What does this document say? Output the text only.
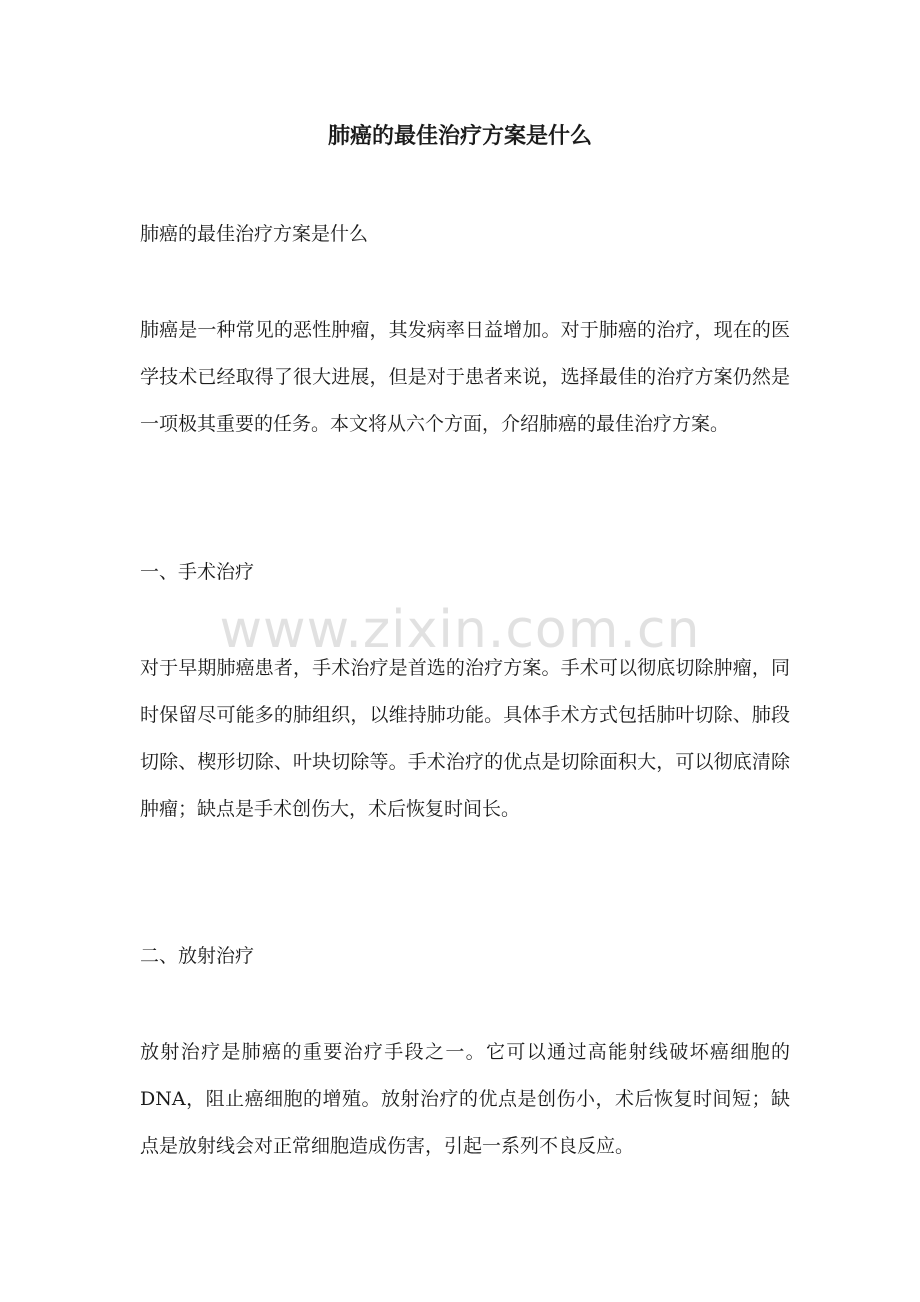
肺癌的最佳治疗方案是什么

肺癌的最佳治疗方案是什么

肺癌是一种常见的恶性肿瘤，其发病率日益增加。对于肺癌的治疗，现在的医学技术已经取得了很大进展，但是对于患者来说，选择最佳的治疗方案仍然是一项极其重要的任务。本文将从六个方面，介绍肺癌的最佳治疗方案。

一、手术治疗

对于早期肺癌患者，手术治疗是首选的治疗方案。手术可以彻底切除肿瘤，同时保留尽可能多的肺组织，以维持肺功能。具体手术方式包括肺叶切除、肺段切除、楔形切除、叶块切除等。手术治疗的优点是切除面积大，可以彻底清除肿瘤；缺点是手术创伤大，术后恢复时间长。

二、放射治疗

放射治疗是肺癌的重要治疗手段之一。它可以通过高能射线破坏癌细胞的DNA，阻止癌细胞的增殖。放射治疗的优点是创伤小，术后恢复时间短；缺点是放射线会对正常细胞造成伤害，引起一系列不良反应。

www.zixin.com.cn
